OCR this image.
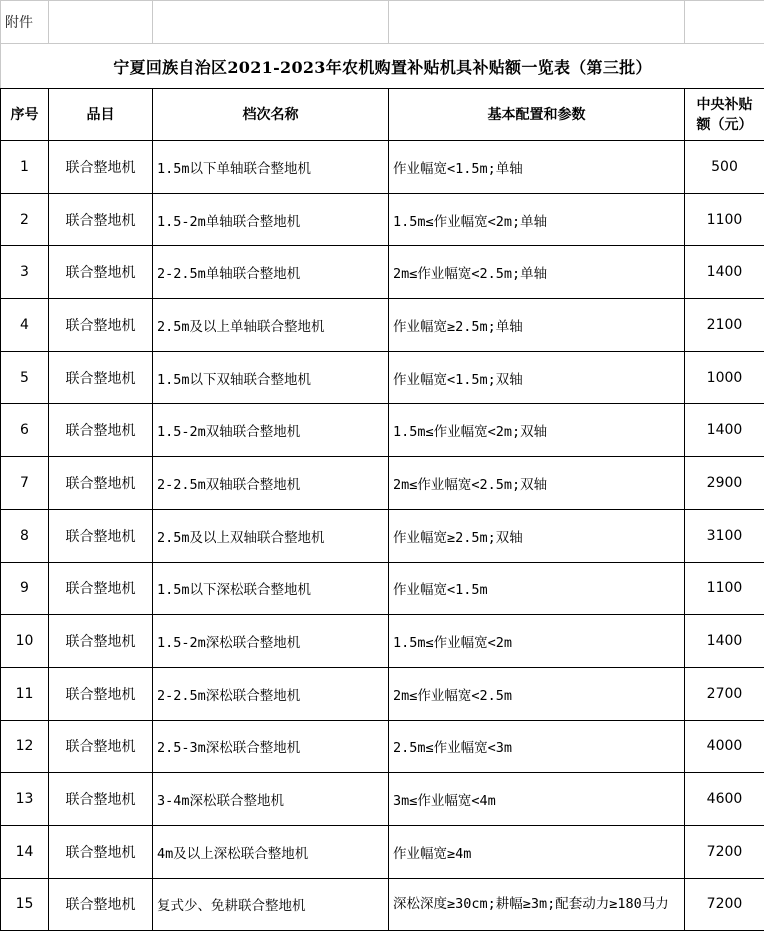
附件				
宁夏回族自治区2021-2023年农机购置补贴机具补贴额一览表（第三批）				
序号	品目	档次名称	基本配置和参数	中央补贴额（元）
1	联合整地机	1.5m以下单轴联合整地机	作业幅宽<1.5m;单轴	500
2	联合整地机	1.5-2m单轴联合整地机	1.5m≤作业幅宽<2m;单轴	1100
3	联合整地机	2-2.5m单轴联合整地机	2m≤作业幅宽<2.5m;单轴	1400
4	联合整地机	2.5m及以上单轴联合整地机	作业幅宽≥2.5m;单轴	2100
5	联合整地机	1.5m以下双轴联合整地机	作业幅宽<1.5m;双轴	1000
6	联合整地机	1.5-2m双轴联合整地机	1.5m≤作业幅宽<2m;双轴	1400
7	联合整地机	2-2.5m双轴联合整地机	2m≤作业幅宽<2.5m;双轴	2900
8	联合整地机	2.5m及以上双轴联合整地机	作业幅宽≥2.5m;双轴	3100
9	联合整地机	1.5m以下深松联合整地机	作业幅宽<1.5m	1100
10	联合整地机	1.5-2m深松联合整地机	1.5m≤作业幅宽<2m	1400
11	联合整地机	2-2.5m深松联合整地机	2m≤作业幅宽<2.5m	2700
12	联合整地机	2.5-3m深松联合整地机	2.5m≤作业幅宽<3m	4000
13	联合整地机	3-4m深松联合整地机	3m≤作业幅宽<4m	4600
14	联合整地机	4m及以上深松联合整地机	作业幅宽≥4m	7200
15	联合整地机	复式少、免耕联合整地机	深松深度≥30cm;耕幅≥3m;配套动力≥180马力	7200
